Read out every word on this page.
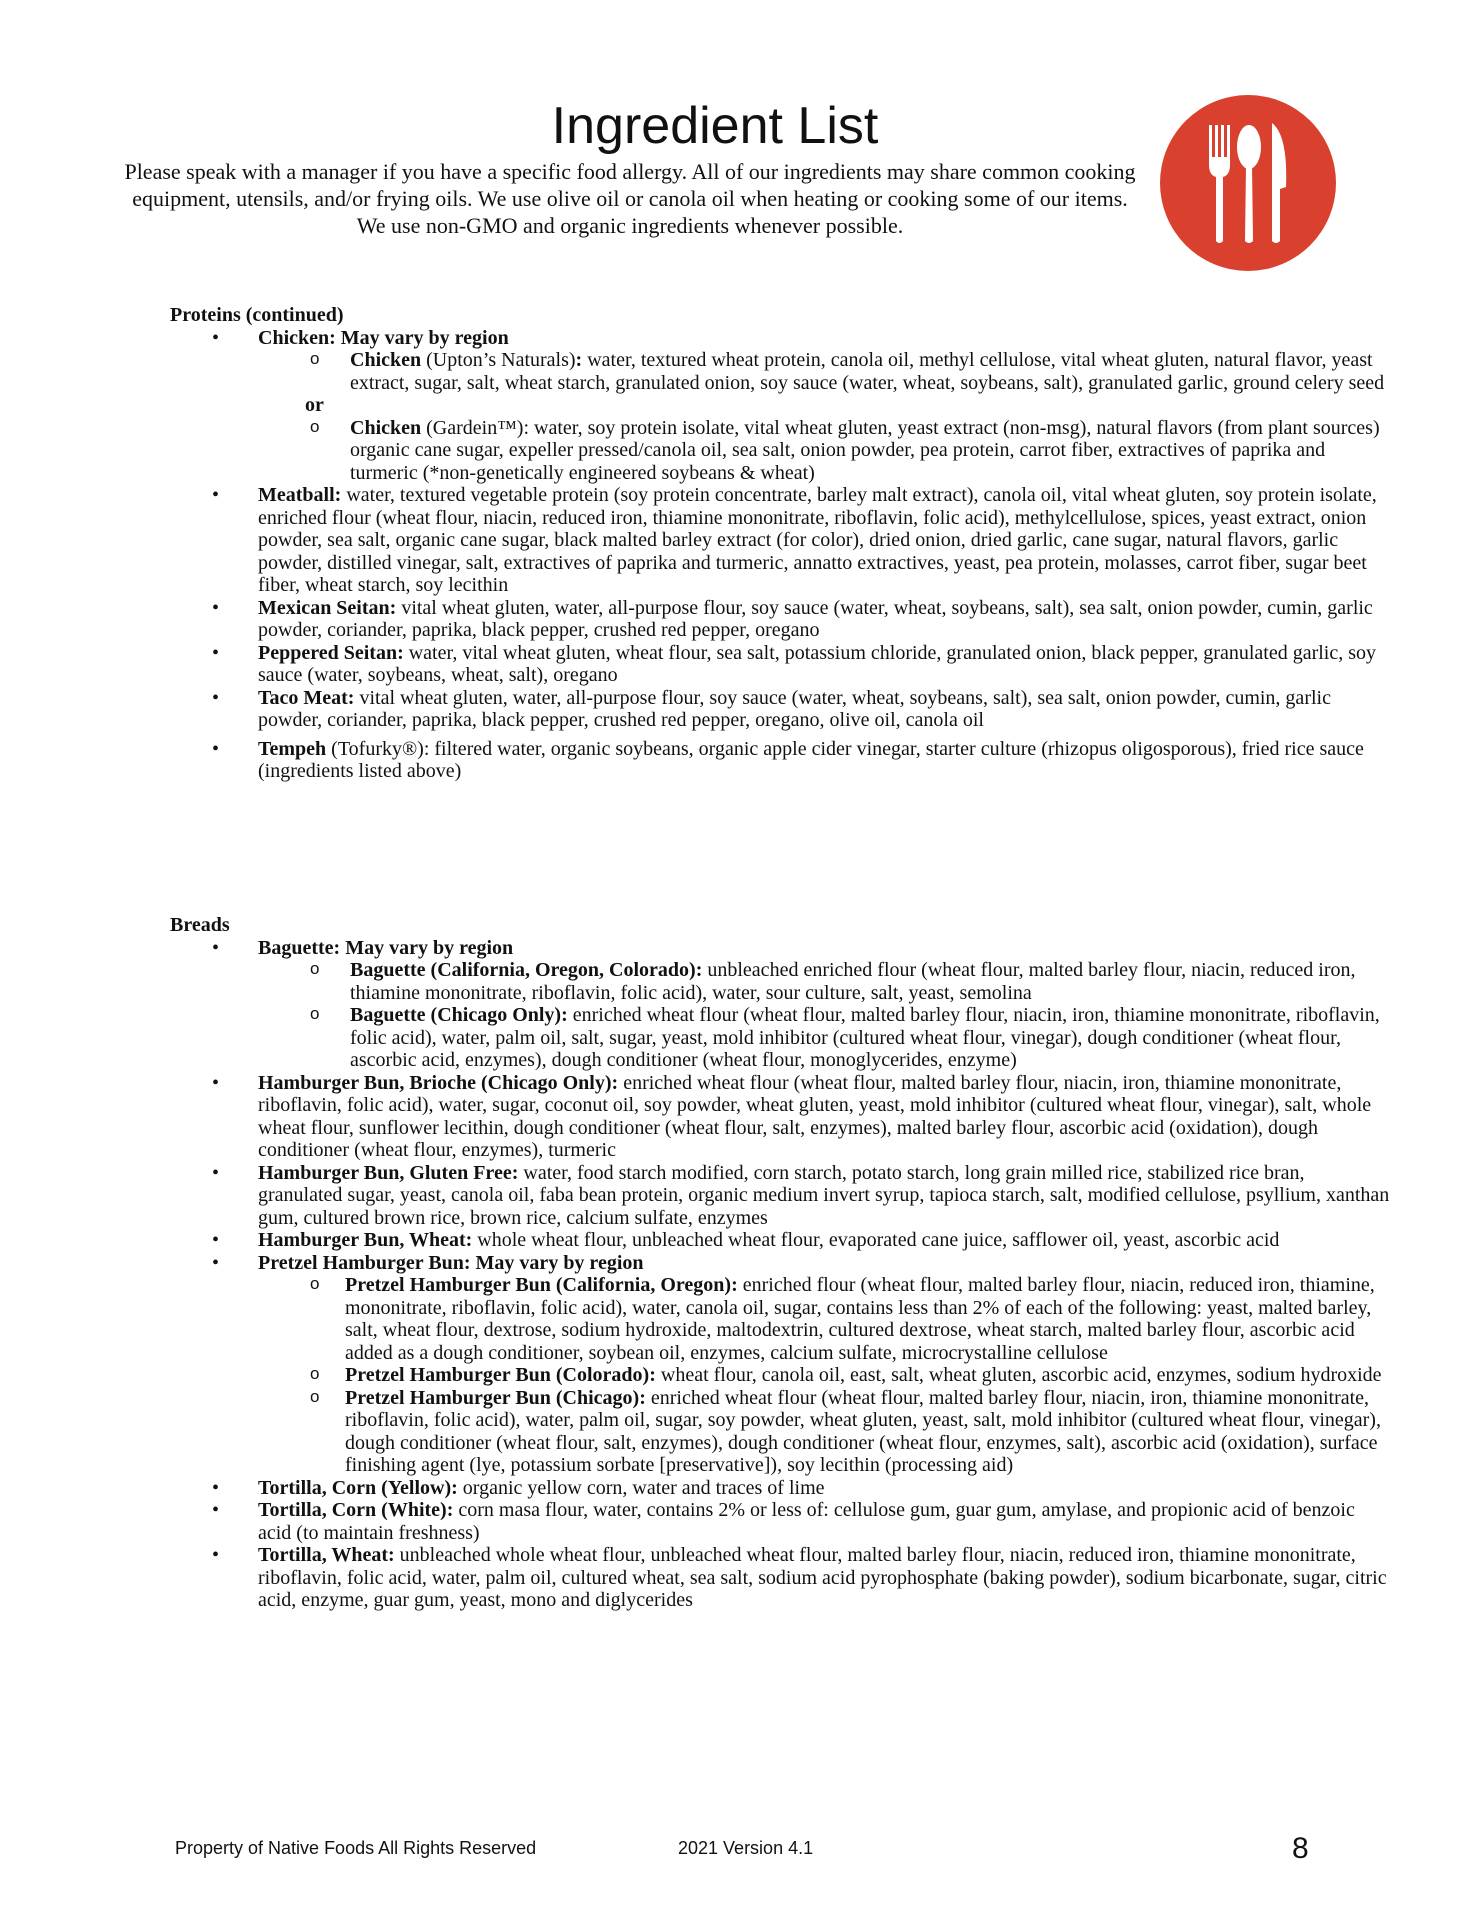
Ingredient List

Please speak with a manager if you have a specific food allergy. All of our ingredients may share common cooking equipment, utensils, and/or frying oils. We use olive oil or canola oil when heating or cooking some of our items. We use non-GMO and organic ingredients whenever possible.

Proteins (continued)
• Chicken: May vary by region
o Chicken (Upton’s Naturals): water, textured wheat protein, canola oil, methyl cellulose, vital wheat gluten, natural flavor, yeast extract, sugar, salt, wheat starch, granulated onion, soy sauce (water, wheat, soybeans, salt), granulated garlic, ground celery seed
or
o Chicken (Gardein™): water, soy protein isolate, vital wheat gluten, yeast extract (non-msg), natural flavors (from plant sources) organic cane sugar, expeller pressed/canola oil, sea salt, onion powder, pea protein, carrot fiber, extractives of paprika and turmeric (*non-genetically engineered soybeans & wheat)
• Meatball: water, textured vegetable protein (soy protein concentrate, barley malt extract), canola oil, vital wheat gluten, soy protein isolate, enriched flour (wheat flour, niacin, reduced iron, thiamine mononitrate, riboflavin, folic acid), methylcellulose, spices, yeast extract, onion powder, sea salt, organic cane sugar, black malted barley extract (for color), dried onion, dried garlic, cane sugar, natural flavors, garlic powder, distilled vinegar, salt, extractives of paprika and turmeric, annatto extractives, yeast, pea protein, molasses, carrot fiber, sugar beet fiber, wheat starch, soy lecithin
• Mexican Seitan: vital wheat gluten, water, all-purpose flour, soy sauce (water, wheat, soybeans, salt), sea salt, onion powder, cumin, garlic powder, coriander, paprika, black pepper, crushed red pepper, oregano
• Peppered Seitan: water, vital wheat gluten, wheat flour, sea salt, potassium chloride, granulated onion, black pepper, granulated garlic, soy sauce (water, soybeans, wheat, salt), oregano
• Taco Meat: vital wheat gluten, water, all-purpose flour, soy sauce (water, wheat, soybeans, salt), sea salt, onion powder, cumin, garlic powder, coriander, paprika, black pepper, crushed red pepper, oregano, olive oil, canola oil
• Tempeh (Tofurky®): filtered water, organic soybeans, organic apple cider vinegar, starter culture (rhizopus oligosporous), fried rice sauce (ingredients listed above)
Breads
• Baguette: May vary by region
o Baguette (California, Oregon, Colorado): unbleached enriched flour (wheat flour, malted barley flour, niacin, reduced iron, thiamine mononitrate, riboflavin, folic acid), water, sour culture, salt, yeast, semolina
o Baguette (Chicago Only): enriched wheat flour (wheat flour, malted barley flour, niacin, iron, thiamine mononitrate, riboflavin, folic acid), water, palm oil, salt, sugar, yeast, mold inhibitor (cultured wheat flour, vinegar), dough conditioner (wheat flour, ascorbic acid, enzymes), dough conditioner (wheat flour, monoglycerides, enzyme)
• Hamburger Bun, Brioche (Chicago Only): enriched wheat flour (wheat flour, malted barley flour, niacin, iron, thiamine mononitrate, riboflavin, folic acid), water, sugar, coconut oil, soy powder, wheat gluten, yeast, mold inhibitor (cultured wheat flour, vinegar), salt, whole wheat flour, sunflower lecithin, dough conditioner (wheat flour, salt, enzymes), malted barley flour, ascorbic acid (oxidation), dough conditioner (wheat flour, enzymes), turmeric
• Hamburger Bun, Gluten Free: water, food starch modified, corn starch, potato starch, long grain milled rice, stabilized rice bran, granulated sugar, yeast, canola oil, faba bean protein, organic medium invert syrup, tapioca starch, salt, modified cellulose, psyllium, xanthan gum, cultured brown rice, brown rice, calcium sulfate, enzymes
• Hamburger Bun, Wheat: whole wheat flour, unbleached wheat flour, evaporated cane juice, safflower oil, yeast, ascorbic acid
• Pretzel Hamburger Bun: May vary by region
o Pretzel Hamburger Bun (California, Oregon): enriched flour (wheat flour, malted barley flour, niacin, reduced iron, thiamine, mononitrate, riboflavin, folic acid), water, canola oil, sugar, contains less than 2% of each of the following: yeast, malted barley, salt, wheat flour, dextrose, sodium hydroxide, maltodextrin, cultured dextrose, wheat starch, malted barley flour, ascorbic acid added as a dough conditioner, soybean oil, enzymes, calcium sulfate, microcrystalline cellulose
o Pretzel Hamburger Bun (Colorado): wheat flour, canola oil, east, salt, wheat gluten, ascorbic acid, enzymes, sodium hydroxide
o Pretzel Hamburger Bun (Chicago): enriched wheat flour (wheat flour, malted barley flour, niacin, iron, thiamine mononitrate, riboflavin, folic acid), water, palm oil, sugar, soy powder, wheat gluten, yeast, salt, mold inhibitor (cultured wheat flour, vinegar), dough conditioner (wheat flour, salt, enzymes), dough conditioner (wheat flour, enzymes, salt), ascorbic acid (oxidation), surface finishing agent (lye, potassium sorbate [preservative]), soy lecithin (processing aid)
• Tortilla, Corn (Yellow): organic yellow corn, water and traces of lime
• Tortilla, Corn (White): corn masa flour, water, contains 2% or less of: cellulose gum, guar gum, amylase, and propionic acid of benzoic acid (to maintain freshness)
• Tortilla, Wheat: unbleached whole wheat flour, unbleached wheat flour, malted barley flour, niacin, reduced iron, thiamine mononitrate, riboflavin, folic acid, water, palm oil, cultured wheat, sea salt, sodium acid pyrophosphate (baking powder), sodium bicarbonate, sugar, citric acid, enzyme, guar gum, yeast, mono and diglycerides
Property of Native Foods All Rights Reserved	2021 Version 4.1	8
